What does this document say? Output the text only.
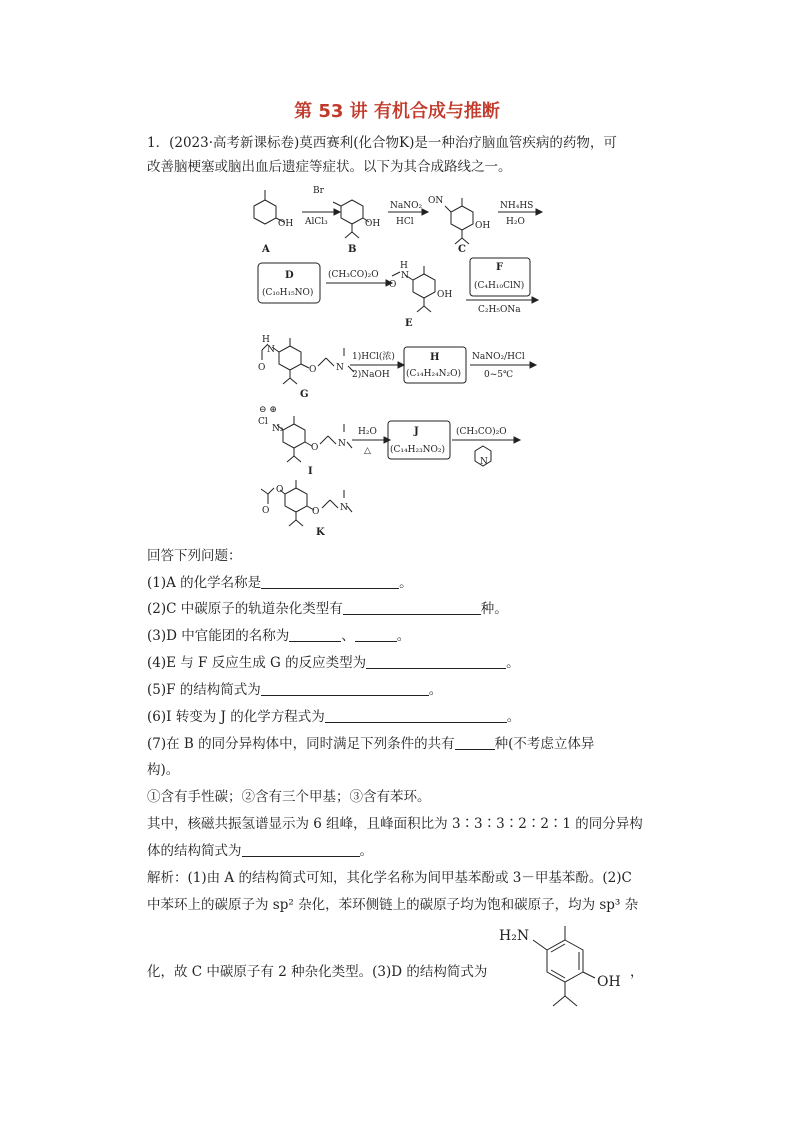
第 53 讲 有机合成与推断
1．(2023·高考新课标卷)莫西赛利(化合物K)是一种治疗脑血管疾病的药物，可
改善脑梗塞或脑出血后遗症等症状。以下为其合成路线之一。
OH
A
Br
AlCl₃	OH
B
NaNO₂
HCl
ON
OH
C
NH₄HS
H₂O
D
(C₁₀H₁₅NO)
(CH₃CO)₂O
H
N
O
OH
E
F
(C₄H₁₀ClN)
C₂H₅ONa
H
N
O	O N
G
1)HCl(浓)
2)NaOH
H
(C₁₄H₂₄N₂O)
NaNO₂/HCl
0~5℃
⊖ ⊕
Cl
N₂
O N
I
H₂O
△
J
(C₁₄H₂₃NO₂)
(CH₃CO)₂O
N
O
O
O N
K
回答下列问题：
(1)A 的化学名称是	。
(2)C 中碳原子的轨道杂化类型有	种。
(3)D 中官能团的名称为	、	。
(4)E 与 F 反应生成 G 的反应类型为	。
(5)F 的结构简式为	。
(6)I 转变为 J 的化学方程式为	。
(7)在 B 的同分异构体中，同时满足下列条件的共有	种(不考虑立体异
构)。
①含有手性碳；②含有三个甲基；③含有苯环。
其中，核磁共振氢谱显示为 6 组峰，且峰面积比为 3∶3∶3∶2∶2∶1 的同分异构
体的结构简式为	。
解析：(1)由 A 的结构简式可知，其化学名称为间甲基苯酚或 3－甲基苯酚。(2)C
中苯环上的碳原子为 sp² 杂化，苯环侧链上的碳原子均为饱和碳原子，均为 sp³ 杂
化，故 C 中碳原子有 2 种杂化类型。(3)D 的结构简式为	，
H₂N
OH
